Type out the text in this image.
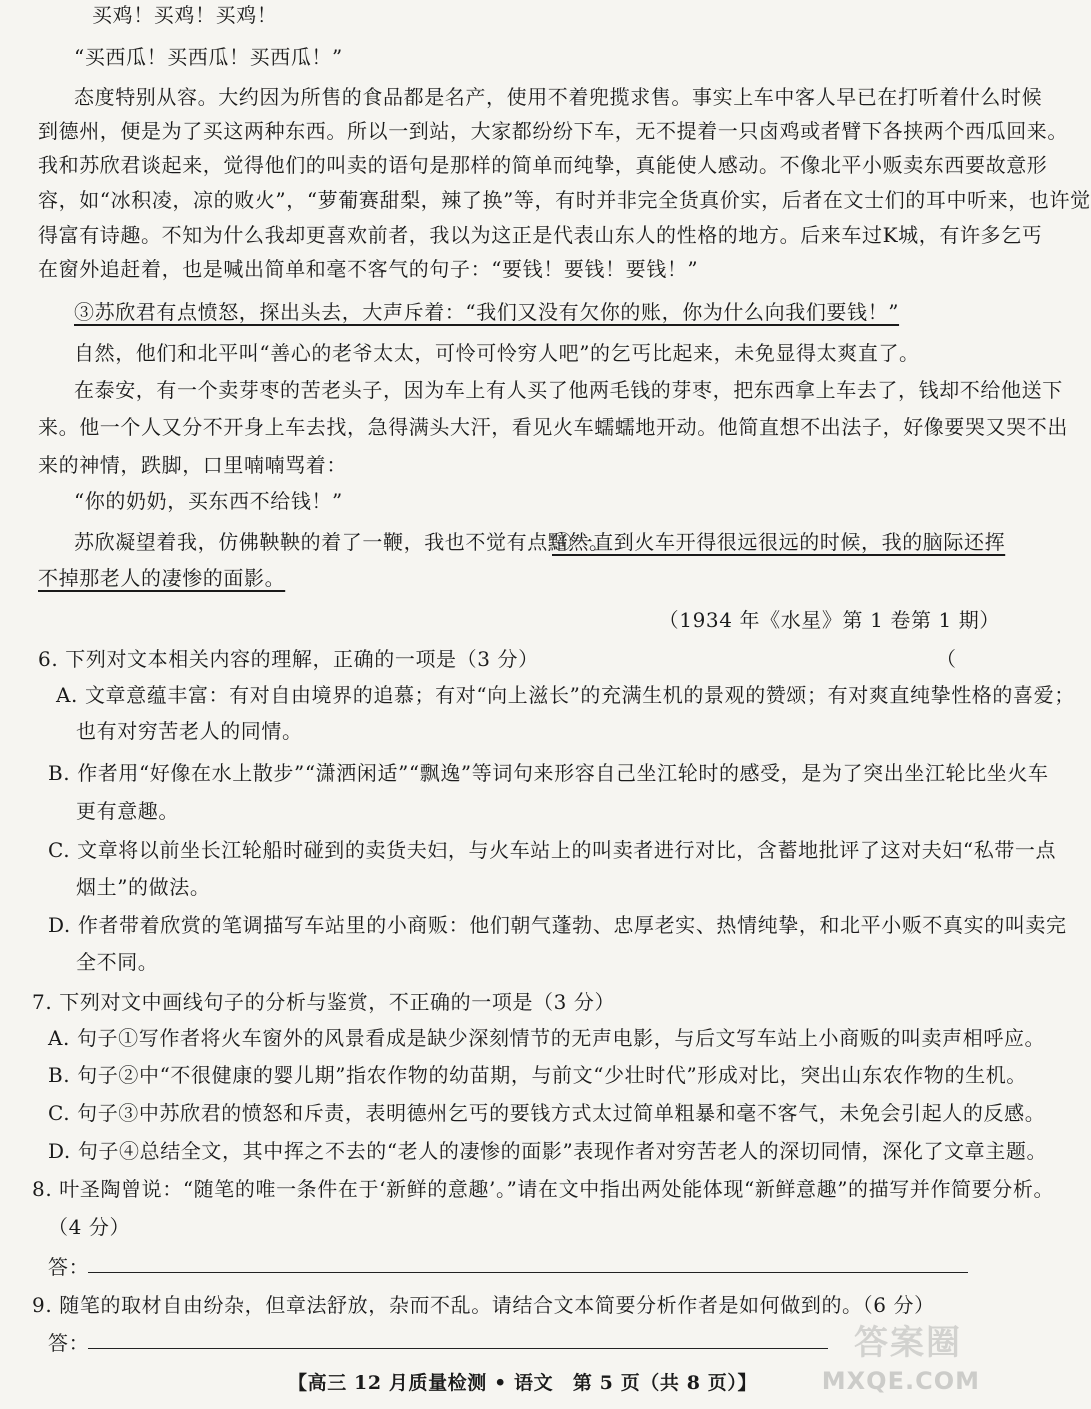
买鸡！买鸡！买鸡！
“买西瓜！买西瓜！买西瓜！”
态度特别从容。大约因为所售的食品都是名产，使用不着兜揽求售。事实上车中客人早已在打听着什么时候
到德州，便是为了买这两种东西。所以一到站，大家都纷纷下车，无不提着一只卤鸡或者臂下各挟两个西瓜回来。
我和苏欣君谈起来，觉得他们的叫卖的语句是那样的简单而纯挚，真能使人感动。不像北平小贩卖东西要故意形
容，如“冰积凌，凉的败火”，“萝葡赛甜梨，辣了换”等，有时并非完全货真价实，后者在文士们的耳中听来，也许觉
得富有诗趣。不知为什么我却更喜欢前者，我以为这正是代表山东人的性格的地方。后来车过K城，有许多乞丐
在窗外追赶着，也是喊出简单和毫不客气的句子：“要钱！要钱！要钱！”
③苏欣君有点愤怒，探出头去，大声斥着：“我们又没有欠你的账，你为什么向我们要钱！”
自然，他们和北平叫“善心的老爷太太，可怜可怜穷人吧”的乞丐比起来，未免显得太爽直了。
在泰安，有一个卖芽枣的苦老头子，因为车上有人买了他两毛钱的芽枣，把东西拿上车去了，钱却不给他送下
来。他一个人又分不开身上车去找，急得满头大汗，看见火车蠕蠕地开动。他简直想不出法子，好像要哭又哭不出
来的神情，跌脚，口里喃喃骂着：
“你的奶奶，买东西不给钱！”
苏欣凝望着我，仿佛鞅鞅的着了一鞭，我也不觉有点黯然。
④一直到火车开得很远很远的时候，我的脑际还挥
不掉那老人的凄惨的面影。
（1934 年《水星》第 1 卷第 1 期）
6. 下列对文本相关内容的理解，正确的一项是（3 分）	（
A. 文章意蕴丰富：有对自由境界的追慕；有对“向上滋长”的充满生机的景观的赞颂；有对爽直纯挚性格的喜爱；
也有对穷苦老人的同情。
B. 作者用“好像在水上散步”“潇洒闲适”“飘逸”等词句来形容自己坐江轮时的感受，是为了突出坐江轮比坐火车
更有意趣。
C. 文章将以前坐长江轮船时碰到的卖货夫妇，与火车站上的叫卖者进行对比，含蓄地批评了这对夫妇“私带一点
烟土”的做法。
D. 作者带着欣赏的笔调描写车站里的小商贩：他们朝气蓬勃、忠厚老实、热情纯挚，和北平小贩不真实的叫卖完
全不同。
7. 下列对文中画线句子的分析与鉴赏，不正确的一项是（3 分）
A. 句子①写作者将火车窗外的风景看成是缺少深刻情节的无声电影，与后文写车站上小商贩的叫卖声相呼应。
B. 句子②中“不很健康的婴儿期”指农作物的幼苗期，与前文“少壮时代”形成对比，突出山东农作物的生机。
C. 句子③中苏欣君的愤怒和斥责，表明德州乞丐的要钱方式太过简单粗暴和毫不客气，未免会引起人的反感。
D. 句子④总结全文，其中挥之不去的“老人的凄惨的面影”表现作者对穷苦老人的深切同情，深化了文章主题。
8. 叶圣陶曾说：“随笔的唯一条件在于‘新鲜的意趣’。”请在文中指出两处能体现“新鲜意趣”的描写并作简要分析。
（4 分）
答：
9. 随笔的取材自由纷杂，但章法舒放，杂而不乱。请结合文本简要分析作者是如何做到的。（6 分）
答：
【高三 12 月质量检测 • 语文　第 5 页（共 8 页）】
答案圈
MXQE.COM
